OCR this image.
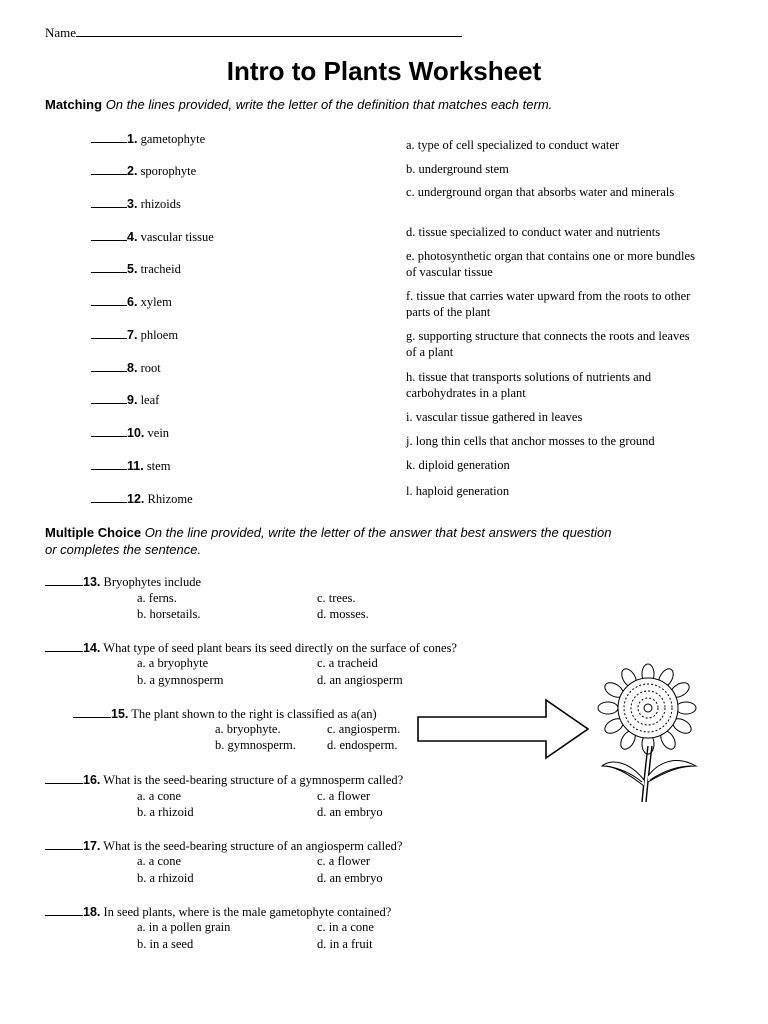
Name
Intro to Plants Worksheet
Matching On the lines provided, write the letter of the definition that matches each term.
1. gametophyte
2. sporophyte
3. rhizoids
4. vascular tissue
5. tracheid
6. xylem
7. phloem
8. root
9. leaf
10. vein
11. stem
12. Rhizome
a. type of cell specialized to conduct water
b. underground stem
c. underground organ that absorbs water and minerals
d. tissue specialized to conduct water and nutrients
e. photosynthetic organ that contains one or more bundles of vascular tissue
f. tissue that carries water upward from the roots to other parts of the plant
g. supporting structure that connects the roots and leaves of a plant
h. tissue that transports solutions of nutrients and carbohydrates in a plant
i. vascular tissue gathered in leaves
j. long thin cells that anchor mosses to the ground
k. diploid generation
l. haploid generation
Multiple Choice On the line provided, write the letter of the answer that best answers the question
or completes the sentence.
13. Bryophytes include
a. ferns.
b. horsetails.
c. trees.
d. mosses.
14. What type of seed plant bears its seed directly on the surface of cones?
a. a bryophyte
b. a gymnosperm
c. a tracheid
d. an angiosperm
15. The plant shown to the right is classified as a(an)
a. bryophyte.
b. gymnosperm.
c. angiosperm.
d. endosperm.
16. What is the seed-bearing structure of a gymnosperm called?
a. a cone
b. a rhizoid
c. a flower
d. an embryo
17. What is the seed-bearing structure of an angiosperm called?
a. a cone
b. a rhizoid
c. a flower
d. an embryo
18. In seed plants, where is the male gametophyte contained?
a. in a pollen grain
b. in a seed
c. in a cone
d. in a fruit
